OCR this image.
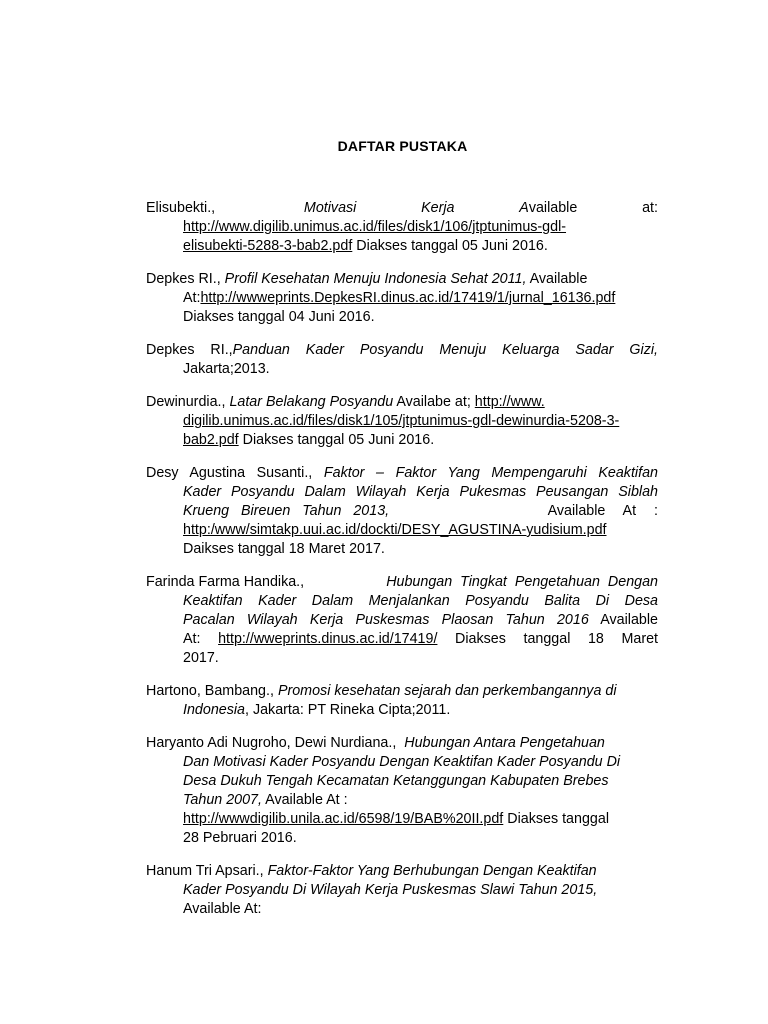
DAFTAR PUSTAKA
Elisubekti.,	Motivasi	Kerja	Available	at:
http://www.digilib.unimus.ac.id/files/disk1/106/jtptunimus-gdl-
elisubekti-5288-3-bab2.pdf Diakses tanggal 05 Juni 2016.
Depkes RI., Profil Kesehatan Menuju Indonesia Sehat 2011, Available
At:http://wwweprints.DepkesRI.dinus.ac.id/17419/1/jurnal_16136.pdf
Diakses tanggal 04 Juni 2016.
Depkes RI.,Panduan Kader Posyandu Menuju Keluarga Sadar Gizi,
Jakarta;2013.
Dewinurdia., Latar Belakang Posyandu Availabe at; http://www.
digilib.unimus.ac.id/files/disk1/105/jtptunimus-gdl-dewinurdia-5208-3-
bab2.pdf Diakses tanggal 05 Juni 2016.
Desy Agustina Susanti., Faktor – Faktor Yang Mempengaruhi Keaktifan
Kader Posyandu Dalam Wilayah Kerja Pukesmas Peusangan Siblah
Krueng   Bireuen   Tahun   2013,	Available At :
http:/www/simtakp.uui.ac.id/dockti/DESY_AGUSTINA-yudisium.pdf
Daikses tanggal 18 Maret 2017.
Farinda Farma Handika.,	Hubungan Tingkat Pengetahuan Dengan
Keaktifan Kader Dalam Menjalankan Posyandu Balita Di Desa
Pacalan Wilayah Kerja Puskesmas Plaosan Tahun 2016 Available
At: http://wweprints.dinus.ac.id/17419/ Diakses tanggal 18 Maret
2017.
Hartono, Bambang., Promosi kesehatan sejarah dan perkembangannya di
Indonesia, Jakarta: PT Rineka Cipta;2011.
Haryanto Adi Nugroho, Dewi Nurdiana.,  Hubungan Antara Pengetahuan
Dan Motivasi Kader Posyandu Dengan Keaktifan Kader Posyandu Di
Desa Dukuh Tengah Kecamatan Ketanggungan Kabupaten Brebes
Tahun 2007, Available At :
http://wwwdigilib.unila.ac.id/6598/19/BAB%20II.pdf Diakses tanggal
28 Pebruari 2016.
Hanum Tri Apsari., Faktor-Faktor Yang Berhubungan Dengan Keaktifan
Kader Posyandu Di Wilayah Kerja Puskesmas Slawi Tahun 2015,
Available At:
